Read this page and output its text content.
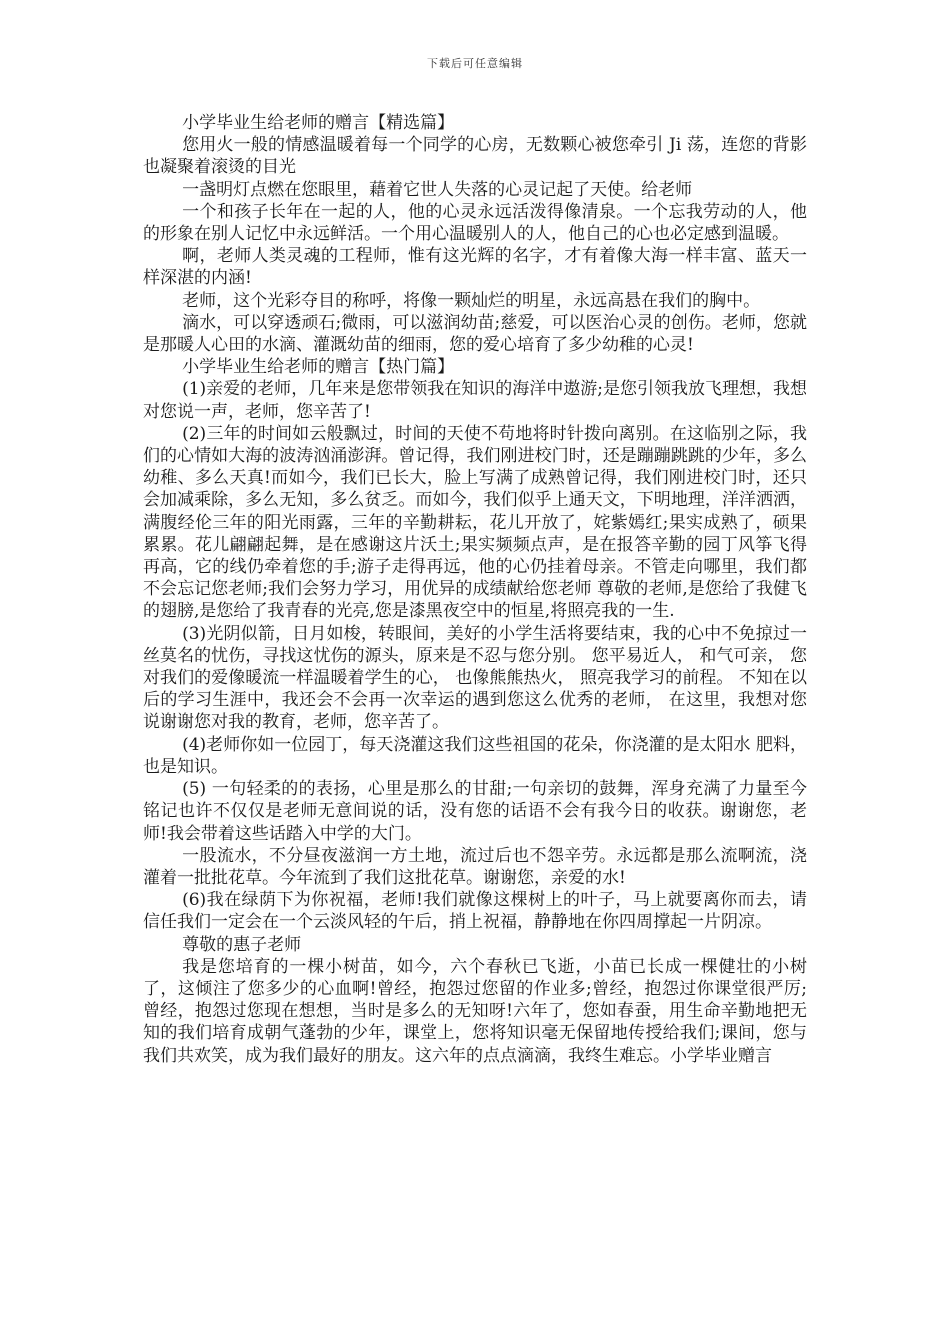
下载后可任意编辑

小学毕业生给老师的赠言【精选篇】

您用火一般的情感温暖着每一个同学的心房，无数颗心被您牵引 Ji 荡，连您的背影也凝聚着滚烫的目光

一盏明灯点燃在您眼里，藉着它世人失落的心灵记起了天使。给老师

一个和孩子长年在一起的人，他的心灵永远活泼得像清泉。一个忘我劳动的人，他的形象在别人记忆中永远鲜活。一个用心温暖别人的人，他自己的心也必定感到温暖。

啊，老师人类灵魂的工程师，惟有这光辉的名字，才有着像大海一样丰富、蓝天一样深湛的内涵!

老师，这个光彩夺目的称呼，将像一颗灿烂的明星，永远高悬在我们的胸中。

滴水，可以穿透顽石;微雨，可以滋润幼苗;慈爱，可以医治心灵的创伤。老师，您就是那暖人心田的水滴、灌溉幼苗的细雨，您的爱心培育了多少幼稚的心灵!

小学毕业生给老师的赠言【热门篇】

(1)亲爱的老师，几年来是您带领我在知识的海洋中遨游;是您引领我放飞理想，我想对您说一声，老师，您辛苦了!

(2)三年的时间如云般飘过，时间的天使不苟地将时针拨向离别。在这临别之际，我们的心情如大海的波涛汹涌澎湃。曾记得，我们刚进校门时，还是蹦蹦跳跳的少年，多么幼稚、多么天真!而如今，我们已长大，脸上写满了成熟曾记得，我们刚进校门时，还只会加减乘除，多么无知，多么贫乏。而如今，我们似乎上通天文，下明地理，洋洋洒洒，满腹经伦三年的阳光雨露，三年的辛勤耕耘，花儿开放了，姹紫嫣红;果实成熟了，硕果累累。花儿翩翩起舞，是在感谢这片沃土;果实频频点声，是在报答辛勤的园丁风筝飞得再高，它的线仍牵着您的手;游子走得再远，他的心仍挂着母亲。不管走向哪里，我们都不会忘记您老师;我们会努力学习，用优异的成绩献给您老师 尊敬的老师,是您给了我健飞的翅膀,是您给了我青春的光亮,您是漆黑夜空中的恒星,将照亮我的一生.

(3)光阴似箭，日月如梭，转眼间，美好的小学生活将要结束，我的心中不免掠过一丝莫名的忧伤，寻找这忧伤的源头，原来是不忍与您分别。 您平易近人， 和气可亲， 您对我们的爱像暖流一样温暖着学生的心， 也像熊熊热火， 照亮我学习的前程。 不知在以后的学习生涯中，我还会不会再一次幸运的遇到您这么优秀的老师， 在这里，我想对您说谢谢您对我的教育，老师，您辛苦了。

(4)老师你如一位园丁，每天浇灌这我们这些祖国的花朵，你浇灌的是太阳水 肥料，也是知识。

(5) 一句轻柔的的表扬，心里是那么的甘甜;一句亲切的鼓舞，浑身充满了力量至今铭记也许不仅仅是老师无意间说的话，没有您的话语不会有我今日的收获。谢谢您，老师!我会带着这些话踏入中学的大门。

一股流水，不分昼夜滋润一方土地，流过后也不怨辛劳。永远都是那么流啊流，浇灌着一批批花草。今年流到了我们这批花草。谢谢您，亲爱的水!

(6)我在绿荫下为你祝福，老师!我们就像这棵树上的叶子，马上就要离你而去，请信任我们一定会在一个云淡风轻的午后，捎上祝福，静静地在你四周撑起一片阴凉。

尊敬的惠子老师

我是您培育的一棵小树苗，如今，六个春秋已飞逝，小苗已长成一棵健壮的小树了，这倾注了您多少的心血啊!曾经，抱怨过您留的作业多;曾经，抱怨过你课堂很严厉;曾经，抱怨过您现在想想，当时是多么的无知呀!六年了，您如春蚕，用生命辛勤地把无知的我们培育成朝气蓬勃的少年，课堂上，您将知识毫无保留地传授给我们;课间，您与我们共欢笑，成为我们最好的朋友。这六年的点点滴滴，我终生难忘。小学毕业赠言
